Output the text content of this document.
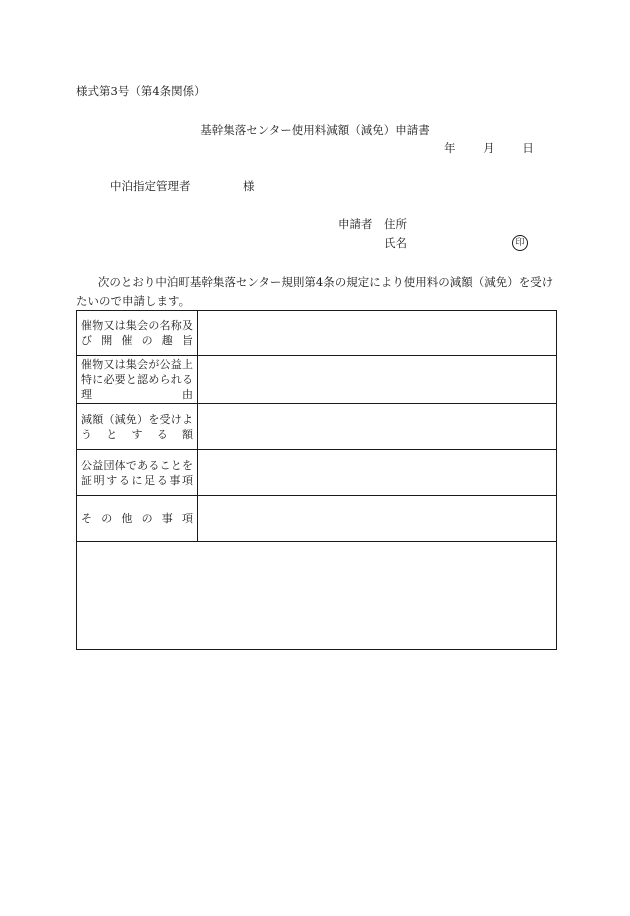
様式第3号（第4条関係）
基幹集落センター使用料減額（減免）申請書
年 月 日
中泊指定管理者	様
申請者 住所
氏名	印
次のとおり中泊町基幹集落センター規則第4条の規定により使用料の減額（減免）を受けたいので申請します。
催物又は集会の名称及び開催の趣旨	
催物又は集会が公益上特に必要と認められる理由	
減額（減免）を受けようとする額	
公益団体であることを証明するに足る事項	
その他の事項	
